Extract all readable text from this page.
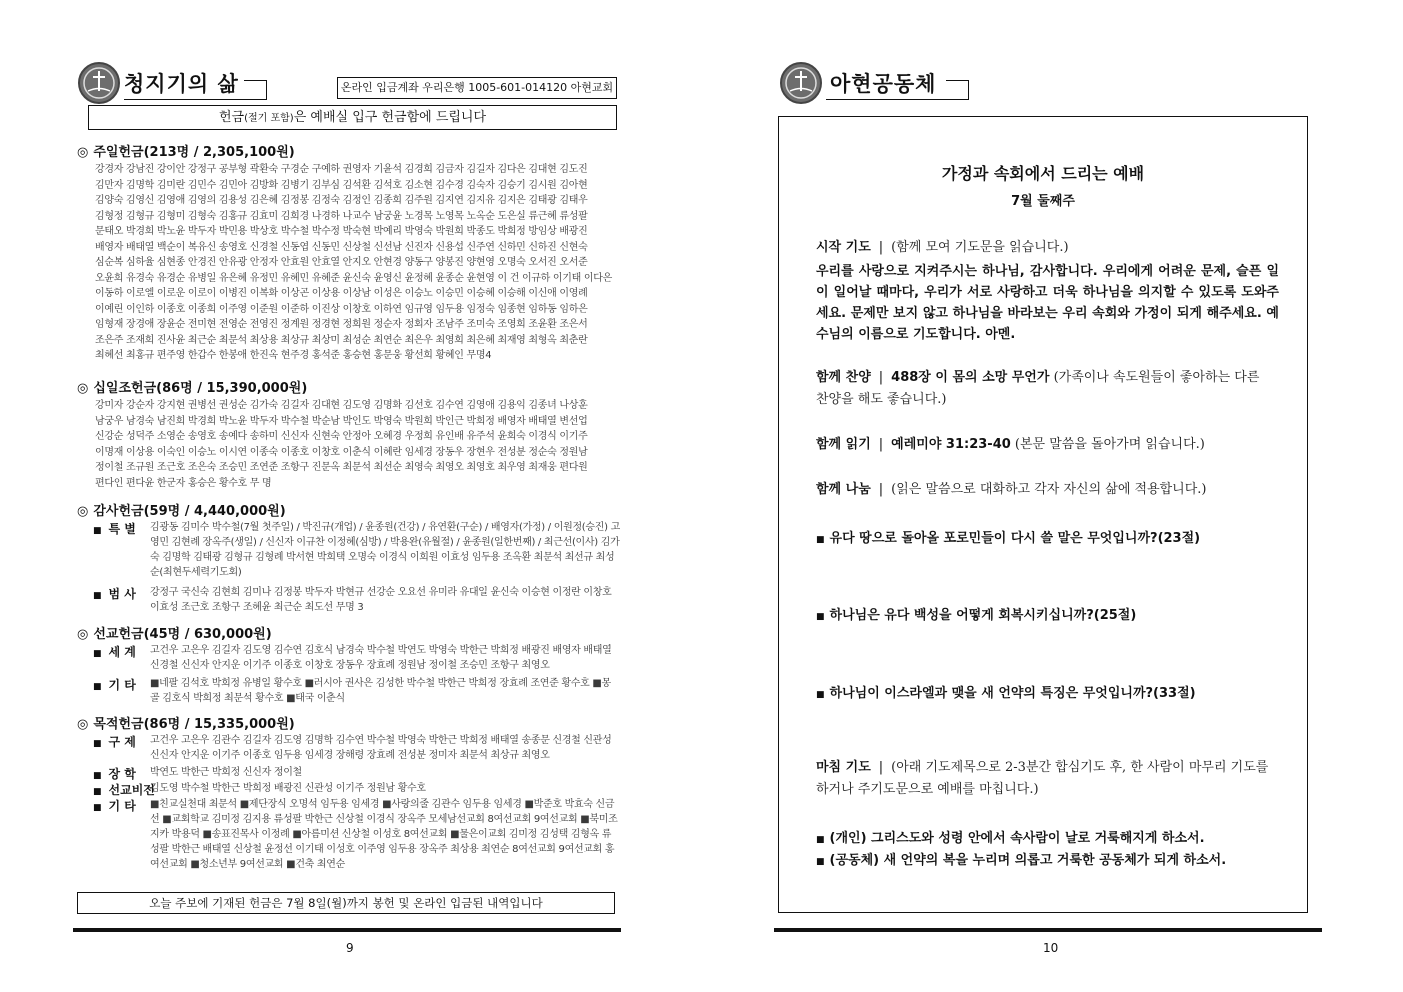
청지기의 삶	온라인 입금계좌 우리은행 1005-601-014120 아현교회
헌금(절기 포함)은 예배실 입구 헌금함에 드립니다
◎ 주일헌금(213명 / 2,305,100원)
강경자 강남진 강이안 강정구 공부형 곽환숙 구경순 구예하 권영자 기윤석 김경희 김금자 김길자 김다은 김대현 김도진 김만자 김명학 김미란 김민수 김민아 김방화 김병기 김부심 김석환 김석호 김소현 김수경 김숙자 김승기 김시원 김아현 김양숙 김영신 김영애 김영의 김용성 김은혜 김정봉 김정숙 김정인 김종희 김주원 김지연 김지유 김지은 김태광 김태우 김형정 김형규 김형미 김형숙 김홍규 김효미 김희경 나경하 나교수 남궁윤 노경목 노영목 노옥순 도은실 류근혜 류성팔 문태오 박경희 박노윤 박두자 박민용 박상호 박수철 박수정 박숙현 박예리 박영숙 박원희 박종도 박희정 방임상 배광진 배영자 배태열 백순이 복유신 송영호 신경철 신동엽 신동민 신상철 신선남 신진자 신용섭 신주연 신하민 신하진 신현숙 심순복 심하율 심현종 안경진 안유광 안정자 안효원 안효열 안지오 안현경 양동구 양봉진 양현영 오명숙 오서진 오서준 오윤희 유경숙 유경순 유병일 유은혜 유정민 유혜민 유혜준 윤신숙 윤영신 윤정혜 윤종순 윤현영 이 건 이규하 이기태 이다은 이동하 이로엘 이로운 이로이 이병진 이복화 이상곤 이상용 이상남 이성은 이승노 이승민 이승혜 이승해 이신애 이영례 이예린 이인하 이종호 이종희 이주영 이준원 이준하 이진상 이창호 이하연 임규영 임두용 임정숙 임종현 임하동 임하은 임형재 장경애 장윤순 전미현 전영순 전영진 정계원 정경현 정희원 정순자 정회자 조남주 조미숙 조영희 조윤환 조은서 조은주 조재희 진사윤 최근순 최문석 최상용 최상규 최상미 최성순 최연순 최은우 최영희 최은혜 최재영 최형옥 최춘란 최혜선 최홍규 편주영 한갑수 한봉애 한진옥 현주경 홍석준 홍승현 홍문웅 황선희 황혜인 무명4
◎ 십일조헌금(86명 / 15,390,000원)
강미자 강순자 강지현 권병선 권성순 김가숙 김길자 김대현 김도영 김명화 김선호 김수연 김영애 김용익 김종녀 나상훈 남궁우 남경숙 남진희 박경희 박노윤 박두자 박수철 박순남 박인도 박영숙 박원희 박인근 박희정 배영자 배태열 변선업 신강순 성덕주 소영순 송영호 송예다 송하미 신신자 신현숙 안정아 오혜경 우정희 유인배 유주석 윤희숙 이경식 이기주 이명재 이상용 이숙인 이승노 이시연 이종숙 이종호 이창호 이춘식 이혜란 임세경 장동우 장현우 전성분 정순숙 정원남 정이철 조규원 조근호 조은숙 조승민 조연준 조항구 진문옥 최문석 최선순 최영숙 최영오 최영호 최우영 최재웅 편다원 편다인 편다윤 한군자 홍승은 황수호 무 명
◎ 감사헌금(59명 / 4,440,000원)
■ 특 별 김광동 김미수 박수철(7월 첫주일) / 박진규(개업) / 윤종원(건강) / 유연환(구순) / 배영자(가정) / 이원정(승진) 고영민 김현례 장옥주(생일) / 신신자 이규찬 이정혜(심방) / 박용완(유월절) / 윤종원(일한번째) / 최근선(이사) 김가숙 김명학 김태광 김형규 김형례 박서현 박희택 오명숙 이경식 이희원 이효성 임두용 조옥환 최문석 최선규 최성순(최현두세력기도회)
■ 범 사 강정구 국신숙 김현희 김미나 김정봉 박두자 박현규 선강순 오요선 유미라 유대일 윤신숙 이승현 이정란 이창호 이효성 조근호 조항구 조혜윤 최근순 최도선 무명 3
◎ 선교헌금(45명 / 630,000원)
■ 세 계 고건우 고은우 김길자 김도영 김수연 김호식 남경숙 박수철 박연도 박영숙 박한근 박희정 배광진 배영자 배태열 신경철 신신자 안지운 이기주 이종호 이창호 장동우 장효례 정원남 정이철 조승민 조항구 최영오
■ 기 타 ■네팔 김석호 박희정 유병일 황수호 ■러시아 권사은 김성한 박수철 박한근 박희정 장효례 조연준 황수호 ■몽골 김호식 박희정 최문석 황수호 ■태국 이춘식
◎ 목적헌금(86명 / 15,335,000원)
■ 구 제 고건우 고은우 김관수 김길자 김도영 김명학 김수연 박수철 박영숙 박한근 박희정 배태열 송종문 신경철 신관성 신신자 안지운 이기주 이종호 임두용 임세경 장해령 장효례 전성분 정미자 최문석 최상규 최영오
■ 장 학 박연도 박한근 박희정 신신자 정이철
■ 선교비전
김도영 박수철 박한근 박희정 배광진 신관성 이기주 정원남 황수호
■ 기 타 ■친교실천대 최문석 ■제단장식 오명석 임두용 임세경 ■사랑의줄 김관수 임두용 임세경 ■박준호 박효숙 신금선 ■교회학교 김미정 김지용 류성팔 박한근 신상철 이경식 장옥주 모세남선교회 8여선교회 9여선교회 ■북미조지카 박용덕 ■송표진목사 이정례 ■아름미션 신상철 이성호 8여선교회 ■물은이교회 김미정 김성택 김형옥 류성팔 박한근 배태열 신상철 윤정선 이기태 이성호 이주영 임두용 장옥주 최상용 최연순 8여선교회 9여선교회 홍여선교회 ■청소년부 9여선교회 ■건축 최연순
오늘 주보에 기재된 헌금은 7월 8일(월)까지 봉헌 및 온라인 입금된 내역입니다
9
아현공동체
가정과 속회에서 드리는 예배
7월 둘째주
시작 기도 | (함께 모여 기도문을 읽습니다.)
우리를 사랑으로 지켜주시는 하나님, 감사합니다. 우리에게 어려운 문제, 슬픈 일이 일어날 때마다, 우리가 서로 사랑하고 더욱 하나님을 의지할 수 있도록 도와주세요. 문제만 보지 않고 하나님을 바라보는 우리 속회와 가정이 되게 해주세요. 예수님의 이름으로 기도합니다. 아멘.
함께 찬양 | 488장 이 몸의 소망 무언가 (가족이나 속도원들이 좋아하는 다른 찬양을 해도 좋습니다.)
함께 읽기 | 예레미야 31:23-40 (본문 말씀을 돌아가며 읽습니다.)
함께 나눔 | (읽은 말씀으로 대화하고 각자 자신의 삶에 적용합니다.)
■ 유다 땅으로 돌아올 포로민들이 다시 쓸 말은 무엇입니까?(23절)
■ 하나님은 유다 백성을 어떻게 회복시키십니까?(25절)
■ 하나님이 이스라엘과 맺을 새 언약의 특징은 무엇입니까?(33절)
마침 기도 | (아래 기도제목으로 2-3분간 합심기도 후, 한 사람이 마무리 기도를 하거나 주기도문으로 예배를 마칩니다.)
■ (개인) 그리스도와 성령 안에서 속사람이 날로 거룩해지게 하소서.
■ (공동체) 새 언약의 복을 누리며 의롭고 거룩한 공동체가 되게 하소서.
10
